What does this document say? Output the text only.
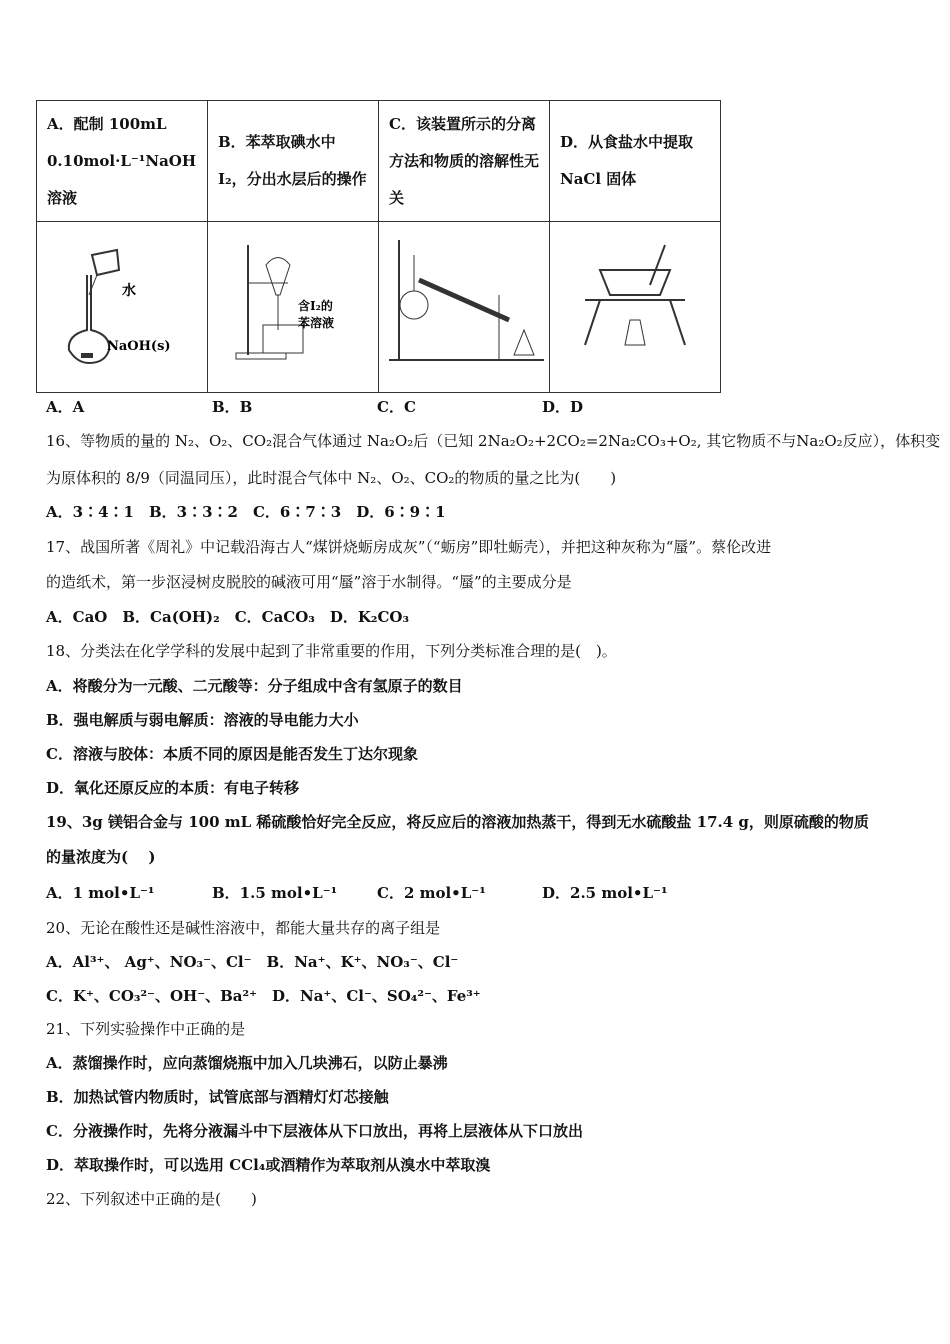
A．配制 100mL 0.10mol·L⁻¹NaOH 溶液	B．苯萃取碘水中 I₂，分出水层后的操作	C．该装置所示的分离方法和物质的溶解性无关	D．从食盐水中提取 NaCl 固体

水
NaOH(s)	含I₂的
苯溶液

A．A	B．B	C．C	D．D
16、等物质的量的 N₂、O₂、CO₂混合气体通过 Na₂O₂后（已知 2Na₂O₂+2CO₂=2Na₂CO₃+O₂, 其它物质不与Na₂O₂反应），体积变
为原体积的 8/9（同温同压），此时混合气体中 N₂、O₂、CO₂的物质的量之比为(　　)
A．3∶4∶1　B．3∶3∶2　C．6∶7∶3　D．6∶9∶1
17、战国所著《周礼》中记载沿海古人“煤饼烧蛎房成灰”（“蛎房”即牡蛎壳），并把这种灰称为“蜃”。蔡伦改进
的造纸术，第一步沤浸树皮脱胶的碱液可用“蜃”溶于水制得。“蜃”的主要成分是
A．CaO　B．Ca(OH)₂　C．CaCO₃　D．K₂CO₃
18、分类法在化学学科的发展中起到了非常重要的作用，下列分类标准合理的是(　)。
A．将酸分为一元酸、二元酸等：分子组成中含有氢原子的数目
B．强电解质与弱电解质：溶液的导电能力大小
C．溶液与胶体：本质不同的原因是能否发生丁达尔现象
D．氧化还原反应的本质：有电子转移
19、3g 镁铝合金与 100 mL 稀硫酸恰好完全反应，将反应后的溶液加热蒸干，得到无水硫酸盐 17.4 g，则原硫酸的物质
的量浓度为(　 )
A．1 mol•L⁻¹	B．1.5 mol•L⁻¹	C．2 mol•L⁻¹	D．2.5 mol•L⁻¹
20、无论在酸性还是碱性溶液中，都能大量共存的离子组是
A．Al³⁺、 Ag⁺、NO₃⁻、Cl⁻　B．Na⁺、K⁺、NO₃⁻、Cl⁻
C．K⁺、CO₃²⁻、OH⁻、Ba²⁺　D．Na⁺、Cl⁻、SO₄²⁻、Fe³⁺
21、下列实验操作中正确的是
A．蒸馏操作时，应向蒸馏烧瓶中加入几块沸石，以防止暴沸
B．加热试管内物质时，试管底部与酒精灯灯芯接触
C．分液操作时，先将分液漏斗中下层液体从下口放出，再将上层液体从下口放出
D．萃取操作时，可以选用 CCl₄或酒精作为萃取剂从溴水中萃取溴
22、下列叙述中正确的是(　　)
